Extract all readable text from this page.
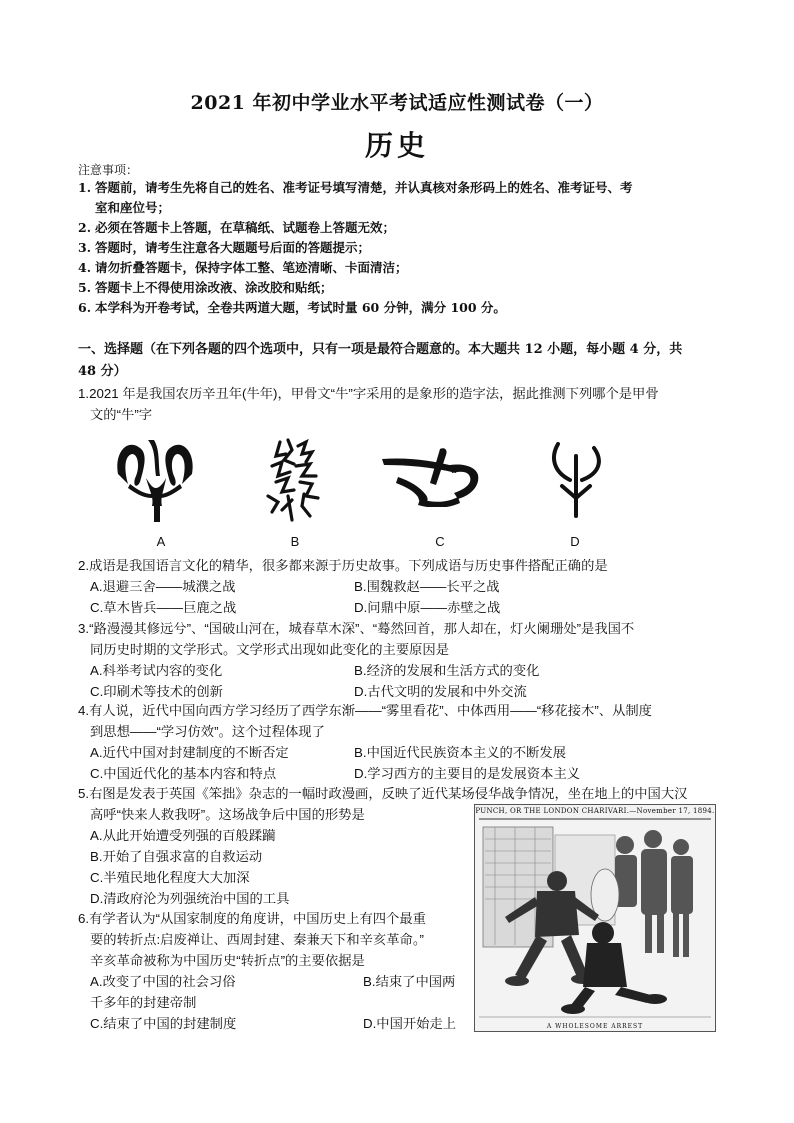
2021 年初中学业水平考试适应性测试卷（一）
历史
注意事项：
1. 答题前，请考生先将自己的姓名、准考证号填写清楚，并认真核对条形码上的姓名、准考证号、考
室和座位号；
2. 必须在答题卡上答题，在草稿纸、试题卷上答题无效；
3. 答题时，请考生注意各大题题号后面的答题提示；
4. 请勿折叠答题卡，保持字体工整、笔迹清晰、卡面清洁；
5. 答题卡上不得使用涂改液、涂改胶和贴纸；
6. 本学科为开卷考试，全卷共两道大题，考试时量 60 分钟，满分 100 分。
一、选择题（在下列各题的四个选项中，只有一项是最符合题意的。本大题共 12 小题，每小题 4 分，共
48 分）
1.2021 年是我国农历辛丑年(牛年)，甲骨文“牛”字采用的是象形的造字法，据此推测下列哪个是甲骨
文的“牛”字
A	B	C	D
2.成语是我国语言文化的精华，很多都来源于历史故事。下列成语与历史事件搭配正确的是
A.退避三舍——城濮之战	B.围魏救赵——长平之战
C.草木皆兵——巨鹿之战	D.问鼎中原——赤壁之战
3.“路漫漫其修远兮”、“国破山河在，城春草木深”、“蓦然回首，那人却在，灯火阑珊处”是我国不
同历史时期的文学形式。文学形式出现如此变化的主要原因是
A.科举考试内容的变化	B.经济的发展和生活方式的变化
C.印刷术等技术的创新	D.古代文明的发展和中外交流
4.有人说，近代中国向西方学习经历了西学东渐——“雾里看花”、中体西用——“移花接木”、从制度
到思想——“学习仿效”。这个过程体现了
A.近代中国对封建制度的不断否定	B.中国近代民族资本主义的不断发展
C.中国近代化的基本内容和特点	D.学习西方的主要目的是发展资本主义
5.右图是发表于英国《笨拙》杂志的一幅时政漫画，反映了近代某场侵华战争情况，坐在地上的中国大汉
高呼“快来人救我呀”。这场战争后中国的形势是
A.从此开始遭受列强的百般蹂躏
B.开始了自强求富的自救运动
C.半殖民地化程度大大加深
D.清政府沦为列强统治中国的工具
6.有学者认为“从国家制度的角度讲，中国历史上有四个最重
要的转折点:启废禅让、西周封建、秦兼天下和辛亥革命。”
辛亥革命被称为中国历史“转折点”的主要依据是
A.改变了中国的社会习俗	B.结束了中国两
千多年的封建帝制
C.结束了中国的封建制度	D.中国开始走上
PUNCH, OR THE LONDON CHARIVARI.—November 17, 1894.
A WHOLESOME ARREST
